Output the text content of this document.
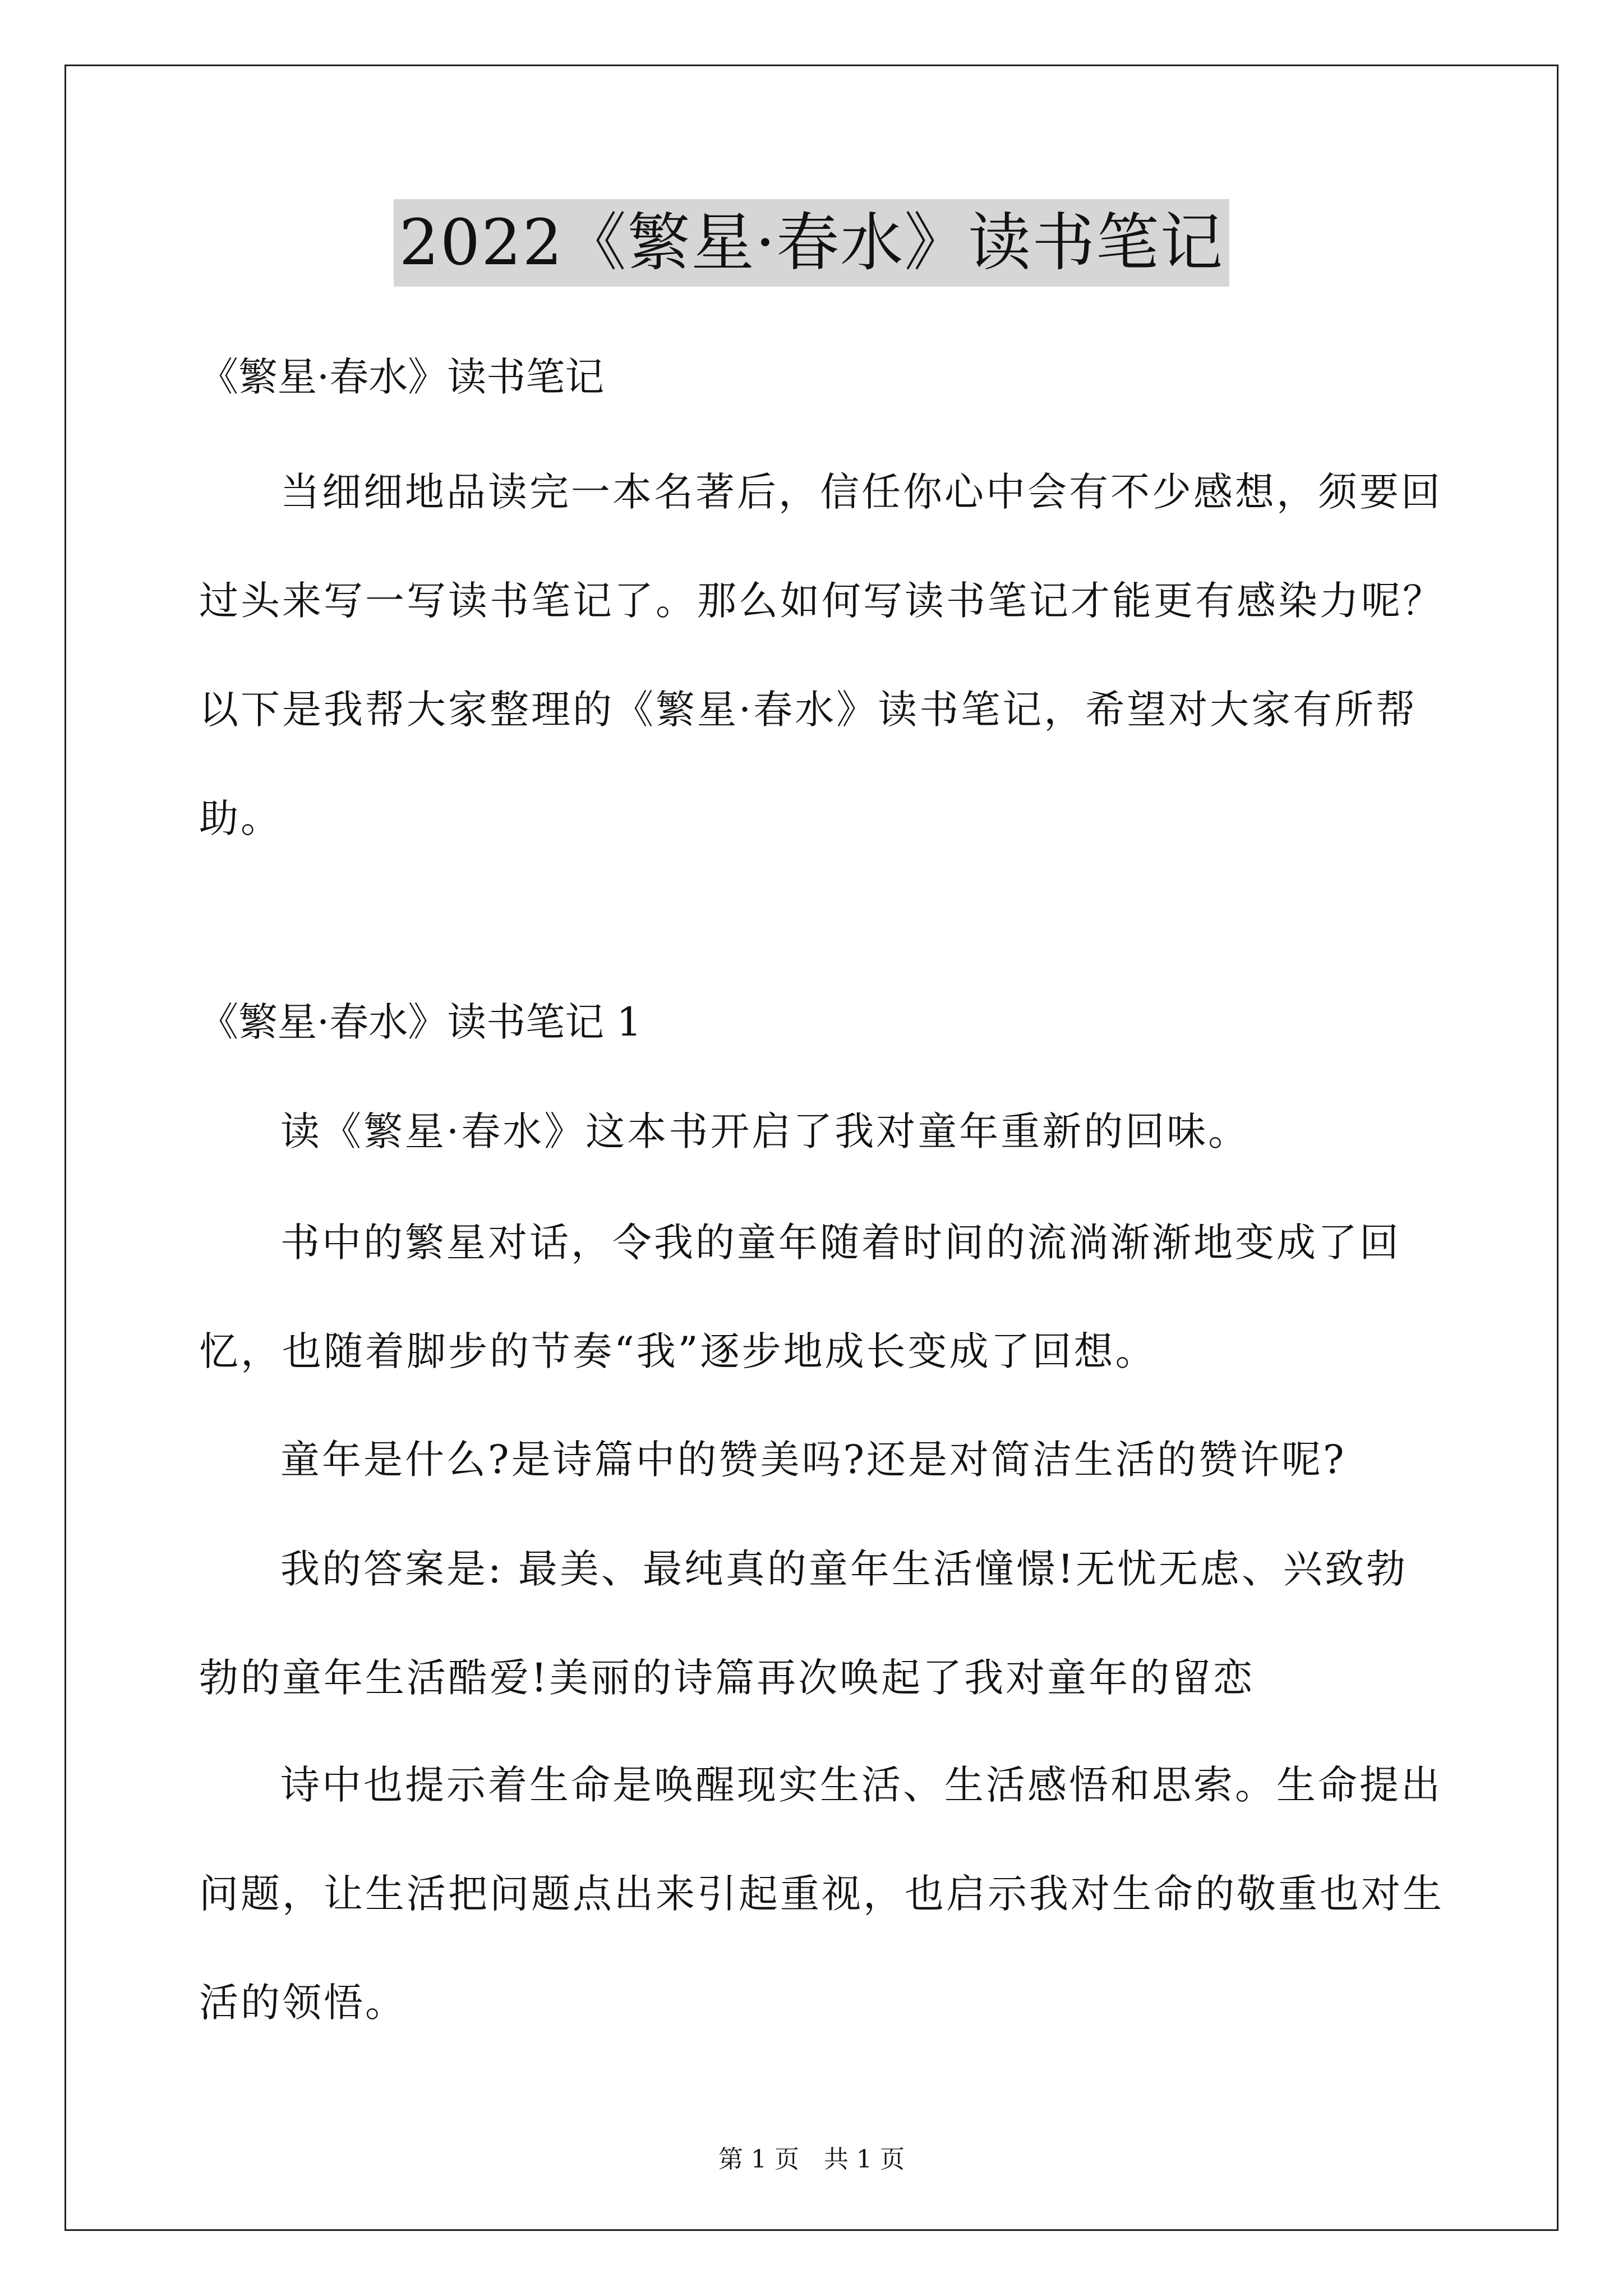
2022《繁星·春水》读书笔记

《繁星·春水》读书笔记

当细细地品读完一本名著后，信任你心中会有不少感想，须要回过头来写一写读书笔记了。那么如何写读书笔记才能更有感染力呢？以下是我帮大家整理的《繁星·春水》读书笔记，希望对大家有所帮助。

《繁星·春水》读书笔记 1

读《繁星·春水》这本书开启了我对童年重新的回味。

书中的繁星对话，令我的童年随着时间的流淌渐渐地变成了回忆，也随着脚步的节奏“我”逐步地成长变成了回想。

童年是什么?是诗篇中的赞美吗?还是对简洁生活的赞许呢?

我的答案是: 最美、最纯真的童年生活憧憬!无忧无虑、兴致勃勃的童年生活酷爱!美丽的诗篇再次唤起了我对童年的留恋

诗中也提示着生命是唤醒现实生活、生活感悟和思索。生命提出问题，让生活把问题点出来引起重视，也启示我对生命的敬重也对生活的领悟。

第 1 页　共 1 页
